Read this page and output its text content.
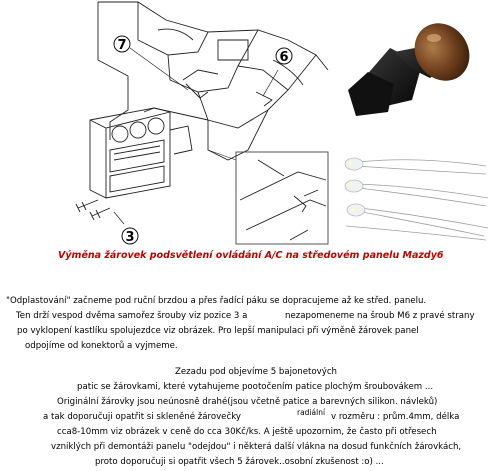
7
6
3
Výměna žárovek podsvětlení ovládání A/C na středovém panelu Mazdy6
"Odplastování" začneme pod ruční brzdou a přes řadící páku se dopracujeme až ke střed. panelu.
Ten drží vespod dvěma samořez šrouby viz pozice 3 a	nezapomeneme na šroub M6 z pravé strany
po vyklopení kastlíku spolujezdce viz obrázek. Pro lepší manipulaci při výměně žárovek panel
odpojíme od konektorů a vyjmeme.
Zezadu pod objevíme 5 bajonetových
patic se žárovkami, které vytahujeme pootočením patice plochým šroubovákem ...
Originální žárovky jsou neúnosně drahé(jsou včetně patice a barevných silikon. návleků)
a tak doporučuji opatřit si skleněné žárovečky	radiální v rozměru : prům.4mm, délka
cca8-10mm viz obrázek v ceně do cca 30Kč/ks. A ještě upozornim, že často při otřesech
vzniklých při demontáži panelu "odejdou" i některá další vlákna na dosud funkčních žárovkách,
proto doporučuji si opatřit všech 5 žárovek..osobní zkušenost :o) ...
